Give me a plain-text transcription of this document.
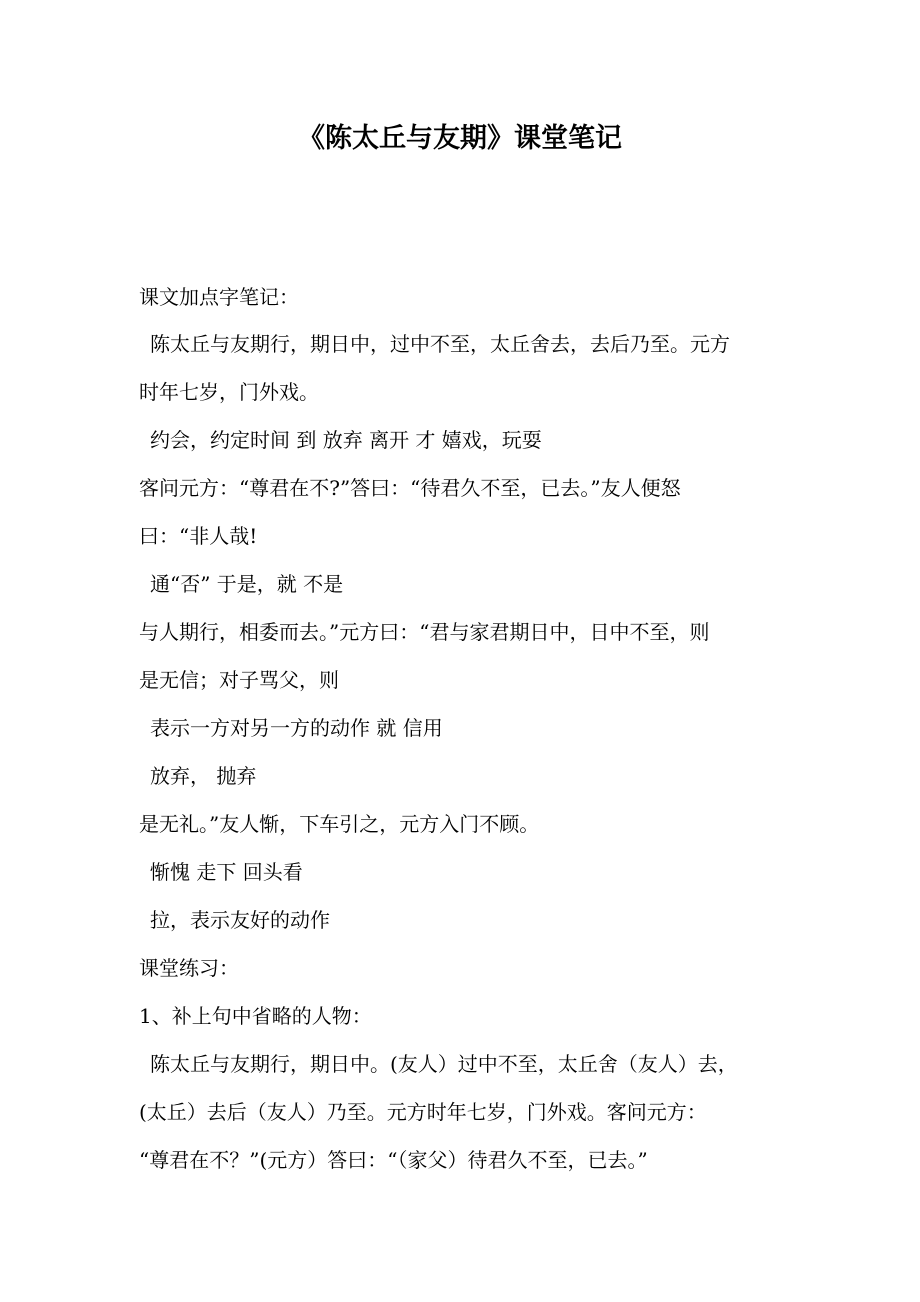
《陈太丘与友期》课堂笔记
课文加点字笔记：
陈太丘与友期行，期日中，过中不至，太丘舍去，去后乃至。元方
时年七岁，门外戏。
约会，约定时间 到 放弃 离开 才 嬉戏，玩耍
客问元方：“尊君在不?”答曰：“待君久不至，已去。”友人便怒
曰：“非人哉!
通“否” 于是，就 不是
与人期行，相委而去。”元方曰：“君与家君期日中，日中不至，则
是无信；对子骂父，则
表示一方对另一方的动作 就 信用
放弃， 抛弃
是无礼。”友人惭，下车引之，元方入门不顾。
惭愧 走下 回头看
拉，表示友好的动作
课堂练习：
1、补上句中省略的人物：
陈太丘与友期行，期日中。(友人）过中不至，太丘舍（友人）去，
(太丘）去后（友人）乃至。元方时年七岁，门外戏。客问元方：
“尊君在不？”(元方）答曰：“（家父）待君久不至，已去。”
